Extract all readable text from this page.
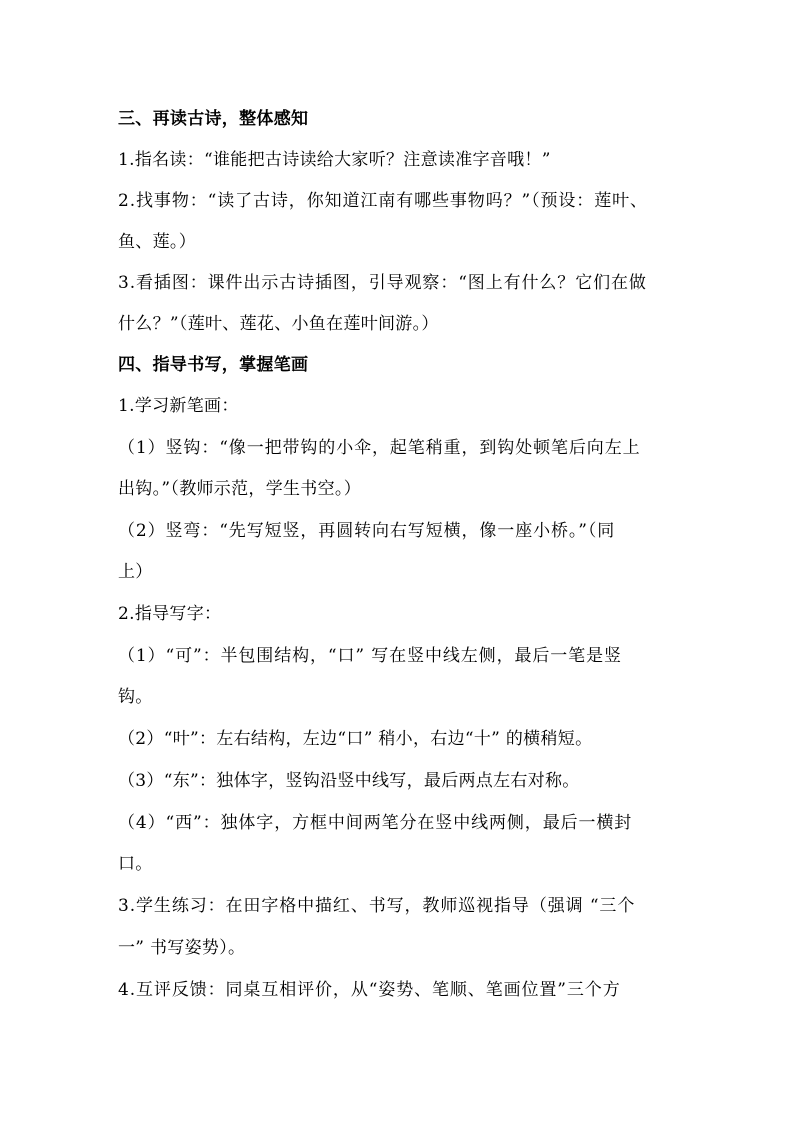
三、再读古诗，整体感知
1.指名读：“谁能把古诗读给大家听？注意读准字音哦！”
2.找事物：“读了古诗，你知道江南有哪些事物吗？”（预设：莲叶、
鱼、莲。）
3.看插图：课件出示古诗插图，引导观察：“图上有什么？它们在做
什么？”（莲叶、莲花、小鱼在莲叶间游。）
四、指导书写，掌握笔画
1.学习新笔画：
（1）竖钩：“像一把带钩的小伞，起笔稍重，到钩处顿笔后向左上
出钩。”（教师示范，学生书空。）
（2）竖弯：“先写短竖，再圆转向右写短横，像一座小桥。”（同
上）
2.指导写字：
（1）“可”：半包围结构，“口” 写在竖中线左侧，最后一笔是竖
钩。
（2）“叶”：左右结构，左边“口” 稍小，右边“十” 的横稍短。
（3）“东”：独体字，竖钩沿竖中线写，最后两点左右对称。
（4）“西”：独体字，方框中间两笔分在竖中线两侧，最后一横封
口。
3.学生练习：在田字格中描红、书写，教师巡视指导（强调 “三个
一” 书写姿势）。
4.互评反馈：同桌互相评价，从“姿势、笔顺、笔画位置”三个方
